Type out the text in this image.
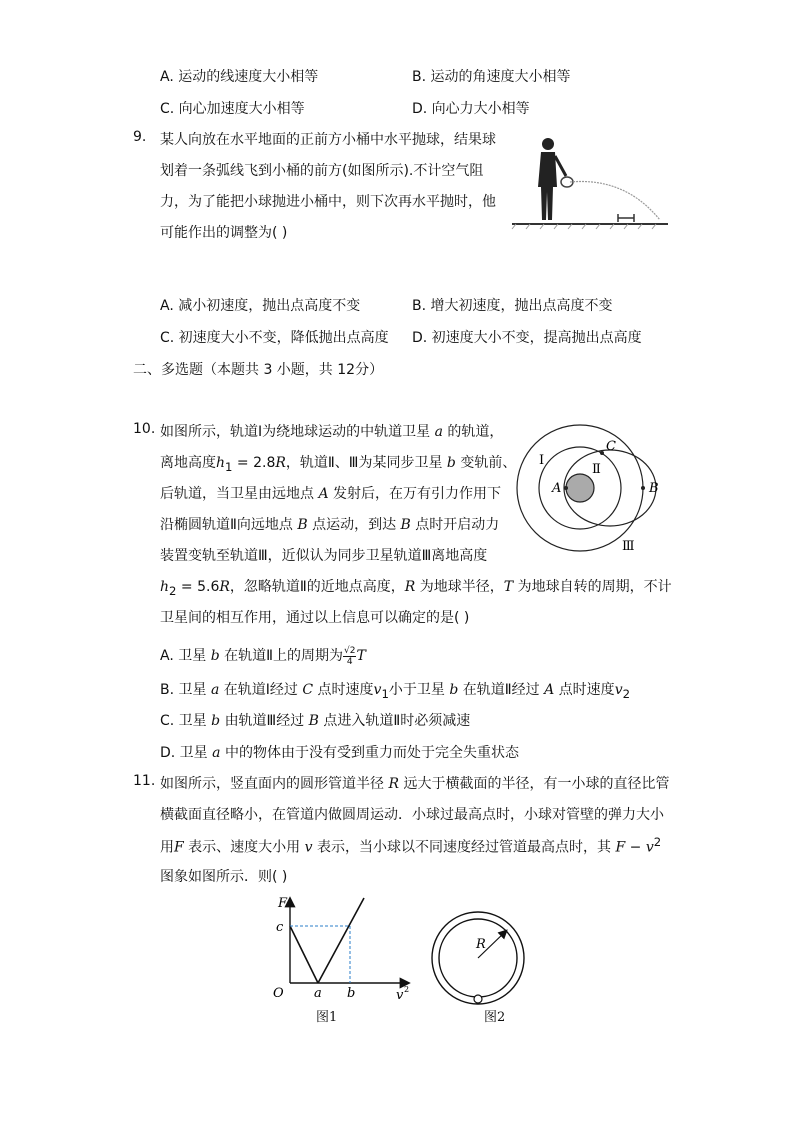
A. 运动的线速度大小相等	B. 运动的角速度大小相等
C. 向心加速度大小相等	D. 向心力大小相等
9. 某人向放在水平地面的正前方小桶中水平抛球，结果球
划着一条弧线飞到小桶的前方(如图所示).不计空气阻
力，为了能把小球抛进小桶中，则下次再水平抛时，他
可能作出的调整为( )
A. 减小初速度，抛出点高度不变	B. 增大初速度，抛出点高度不变
C. 初速度大小不变，降低抛出点高度 D. 初速度大小不变，提高抛出点高度
二、多选题（本题共 3 小题，共 12分）
10. 如图所示，轨道Ⅰ为绕地球运动的中轨道卫星 a 的轨道，
离地高度$h_1 = 2.8R$，轨道Ⅱ、Ⅲ为某同步卫星 b 变轨前、
后轨道，当卫星由远地点 A 发射后，在万有引力作用下
沿椭圆轨道Ⅱ向远地点 B 点运动，到达 B 点时开启动力
装置变轨至轨道Ⅲ，近似认为同步卫星轨道Ⅲ离地高度
$h_2 = 5.6R$，忽略轨道Ⅱ的近地点高度，R 为地球半径，T 为地球自转的周期，不计
卫星间的相互作用，通过以上信息可以确定的是( )
Ⅰ
Ⅱ
Ⅲ
A	B
C
A. 卫星 b 在轨道Ⅱ上的周期为 $\frac{√2}{4}$ T
B. 卫星 a 在轨道Ⅰ经过 C 点时速度$v_1$小于卫星 b 在轨道Ⅱ经过 A 点时速度$v_2$
C. 卫星 b 由轨道Ⅲ经过 B 点进入轨道Ⅱ时必须减速
D. 卫星 a 中的物体由于没有受到重力而处于完全失重状态
11. 如图所示，竖直面内的圆形管道半径 R 远大于横截面的半径，有一小球的直径比管
横截面直径略小，在管道内做圆周运动．小球过最高点时，小球对管壁的弹力大小
用F 表示、速度大小用 v 表示，当小球以不同速度经过管道最高点时，其 $F - v^2$
图象如图所示．则( )
F
c
O a b	v 2
图1
R
图2
